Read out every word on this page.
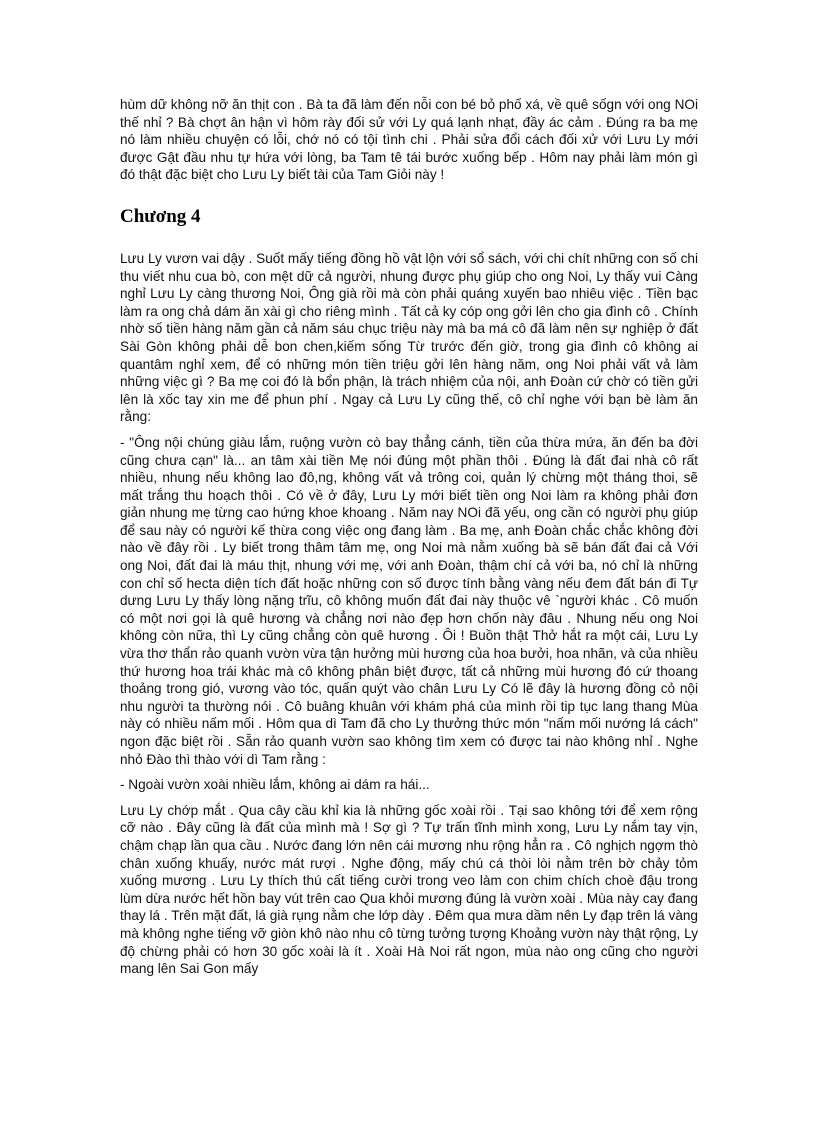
hùm dữ không nỡ ăn thịt con . Bà ta đã làm đến nỗi con bé bỏ phố xá, về quê sốgn với ong NOi thế nhỉ ? Bà chợt ân hận vì hôm rày đối sử với Ly quá lạnh nhạt, đầy ác cảm . Đúng ra ba mẹ nó làm nhiều chuyện có lỗi, chớ nó có tội tình chi . Phải sửa đổi cách đối xử với Lưu Ly mới được Gật đầu nhu tự hứa với lòng, ba Tam tê tái bước xuống bếp . Hôm nay phải làm món gì đó thật đặc biệt cho Lưu Ly biết tài của Tam Giỏi này !

Chương 4

Lưu Ly vươn vai dậy . Suốt mấy tiếng đồng hồ vật lộn với sổ sách, với chi chít những con số chi thu viết nhu cua bò, con mệt dữ cả người, nhung được phụ giúp cho ong Noi, Ly thấy vui Càng nghỉ Lưu Ly càng thương Noi, Ông già rồi mà còn phải quáng xuyến bao nhiêu việc . Tiền bạc làm ra ong chả dám ăn xài gì cho riêng mình . Tất cả ky cóp ong gởi lên cho gia đình cô . Chính nhờ số tiền hàng năm gần cả năm sáu chục triệu này mà ba má cô đã làm nên sự nghiệp ở đất Sài Gòn không phải dễ bon chen,kiếm sống Từ trước đến giờ, trong gia đình cô không ai quantâm nghỉ xem, để có những món tiền triệu gởi lên hàng năm, ong Noi phải vất vả làm những việc gì ? Ba mẹ coi đó là bổn phận, là trách nhiệm của nội, anh Đoàn cứ chờ có tiền gửi lên là xốc tay xin me để phun phí . Ngay cả Lưu Ly cũng thế, cô chỉ nghe với bạn bè làm ăn rằng:

- "Ông nội chúng giàu lắm, ruộng vườn cò bay thẳng cánh, tiền của thừa mứa, ăn đến ba đời cũng chưa cạn" là... an tâm xài tiền Mẹ nói đúng một phần thôi . Đúng là đất đai nhà cô rất nhiều, nhung nếu không lao đô,ng, không vất vả trông coi, quản lý chừng một tháng thoi, sẽ mất trắng thu hoạch thôi . Có về ở đây, Lưu Ly mới biết tiền ong Noi làm ra không phải đơn giản nhung mẹ từng cao hứng khoe khoang . Năm nay NOi đã yếu, ong cần có người phụ giúp để sau này có người kế thừa cong việc ong đang làm . Ba mẹ, anh Đoàn chắc chắc không đời nào về đây rồi . Ly biết trong thâm tâm mẹ, ong Noi mà nằm xuống bà sẽ bán đất đai cả Với ong Noi, đất đai là máu thịt, nhung với mẹ, với anh Đoàn, thậm chí cả với ba, nó chỉ là những con chỉ số hecta diện tích đất hoặc những con số được tính bằng vàng nếu đem đất bán đi Tự dưng Lưu Ly thấy lòng nặng trĩu, cô không muốn đất đai này thuộc vê `người khác . Cô muốn có một nơi gọi là quê hương và chẳng nơi nào đẹp hơn chốn này đâu . Nhung nếu ong Noi không còn nữa, thì Ly cũng chẳng còn quê hương . Ôi ! Buồn thật Thở hắt ra một cái, Lưu Ly vừa thơ thẩn rảo quanh vườn vừa tận hưởng mùi hương của hoa bưởi, hoa nhãn, và của nhiều thứ hương hoa trái khác mà cô không phân biệt được, tất cả những mùi hương đó cứ thoang thoảng trong gió, vương vào tóc, quấn quýt vào chân Lưu Ly Có lẽ đây là hương đồng cỏ nội nhu người ta thường nói . Cô buâng khuân với khám phá của mình rồi tip tục lang thang Mùa này có nhiều nấm mối . Hôm qua dì Tam đã cho Ly thưởng thức món "nấm mối nướng lá cách" ngon đặc biệt rồi . Sẵn rảo quanh vườn sao không tìm xem có được tai nào không nhỉ . Nghe nhỏ Đào thì thào với dì Tam rằng :

- Ngoài vườn xoài nhiều lắm, không ai dám ra hái...

Lưu Ly chớp mắt . Qua cây cầu khỉ kia là những gốc xoài rồi . Tại sao không tới để xem rộng cỡ nào . Đây cũng là đất của mình mà ! Sợ gì ? Tự trấn tĩnh mình xong, Lưu Ly nắm tay vịn, chậm chạp lần qua cầu . Nước đang lớn nên cái mương nhu rộng hẳn ra . Cô nghịch ngợm thò chân xuống khuấy, nước mát rượi . Nghe động, mấy chú cá thòi lòi nằm trên bờ chảy tỏm xuống mương . Lưu Ly thích thú cất tiếng cười trong veo làm con chim chích choè đậu trong lùm dừa nước hết hồn bay vút trên cao Qua khỏi mương đúng là vườn xoài . Mùa này cay đang thay lá . Trên mặt đất, lá già rụng nằm che lớp dày . Đêm qua mưa dầm nên Ly đạp trên lá vàng mà không nghe tiếng vỡ giòn khô nào nhu cô từng tưởng tượng Khoảng vườn này thật rộng, Ly độ chừng phải có hơn 30 gốc xoài là ít . Xoài Hà Noi rất ngon, mùa nào ong cũng cho người mang lên Sai Gon mấy
